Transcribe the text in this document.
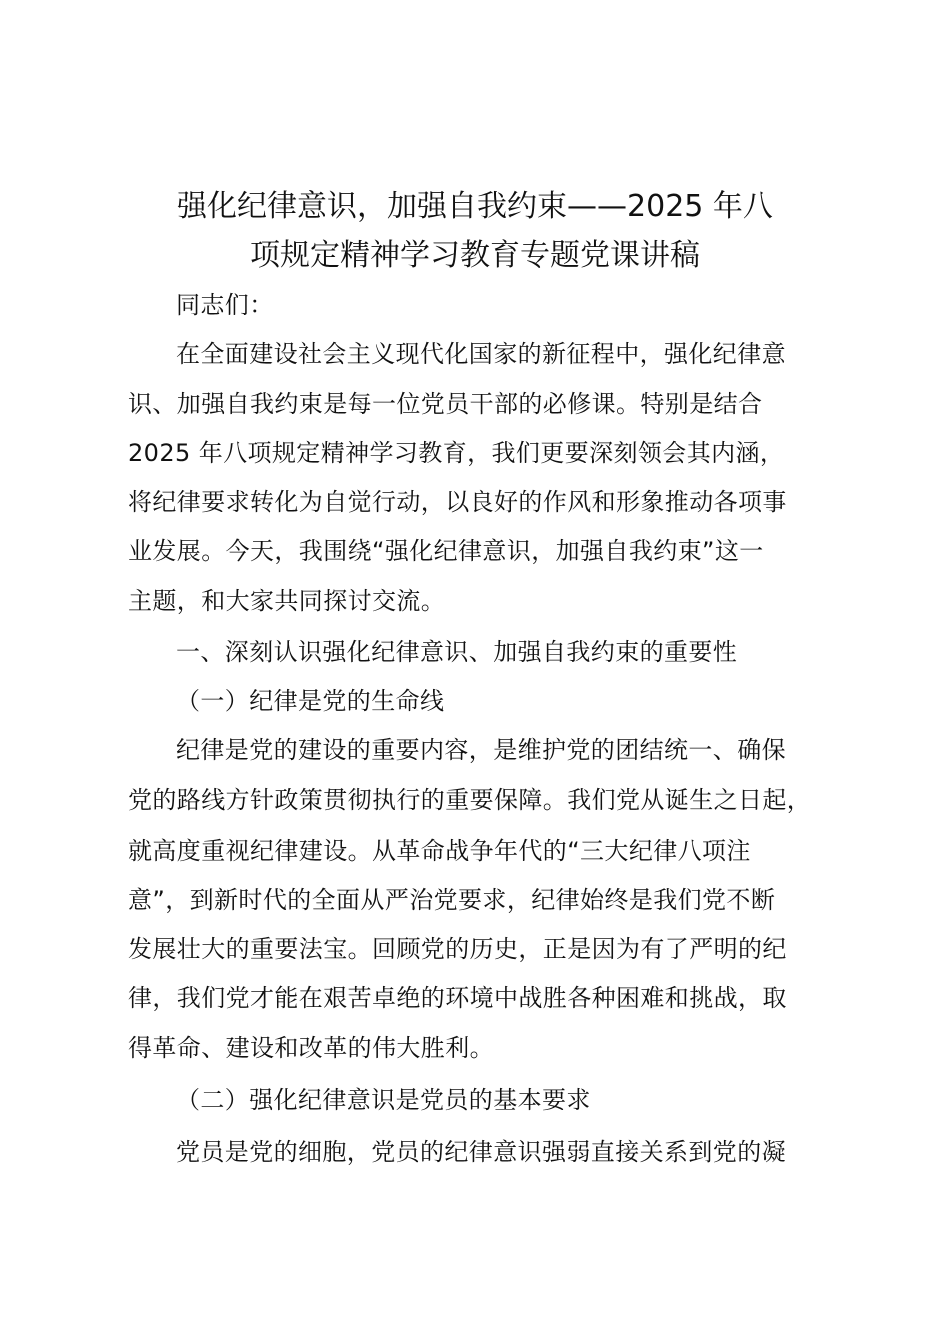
强化纪律意识，加强自我约束——2025 年八
项规定精神学习教育专题党课讲稿
同志们：
在全面建设社会主义现代化国家的新征程中，强化纪律意
识、加强自我约束是每一位党员干部的必修课。特别是结合
2025 年八项规定精神学习教育，我们更要深刻领会其内涵，
将纪律要求转化为自觉行动，以良好的作风和形象推动各项事
业发展。今天，我围绕“强化纪律意识，加强自我约束”这一
主题，和大家共同探讨交流。
一、深刻认识强化纪律意识、加强自我约束的重要性
（一）纪律是党的生命线
纪律是党的建设的重要内容，是维护党的团结统一、确保
党的路线方针政策贯彻执行的重要保障。我们党从诞生之日起，
就高度重视纪律建设。从革命战争年代的“三大纪律八项注
意”，到新时代的全面从严治党要求，纪律始终是我们党不断
发展壮大的重要法宝。回顾党的历史，正是因为有了严明的纪
律，我们党才能在艰苦卓绝的环境中战胜各种困难和挑战，取
得革命、建设和改革的伟大胜利。
（二）强化纪律意识是党员的基本要求
党员是党的细胞，党员的纪律意识强弱直接关系到党的凝
